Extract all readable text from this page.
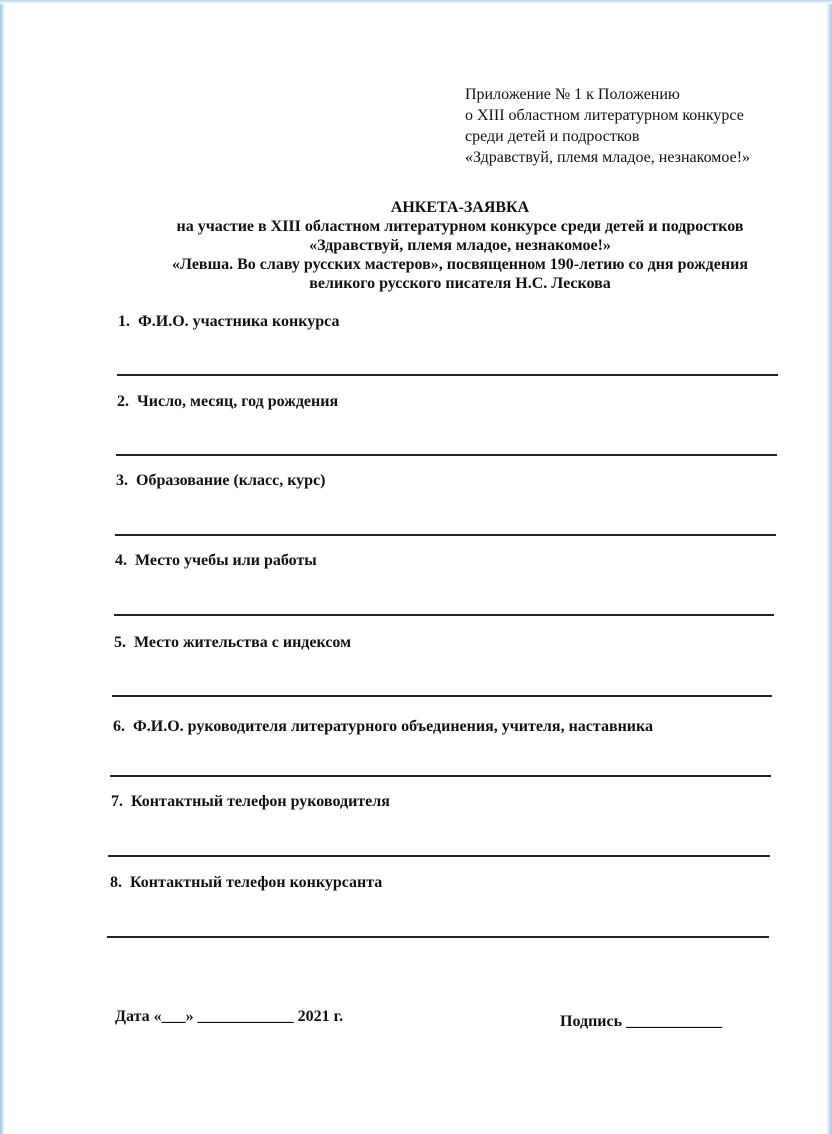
Приложение № 1 к Положению
о XIII областном литературном конкурсе
среди детей и подростков
«Здравствуй, племя младое, незнакомое!»
АНКЕТА-ЗАЯВКА
на участие в XIII областном литературном конкурсе среди детей и подростков
«Здравствуй, племя младое, незнакомое!»
«Левша. Во славу русских мастеров», посвященном 190-летию со дня рождения
великого русского писателя Н.С. Лескова
1. Ф.И.О. участника конкурса
2. Число, месяц, год рождения
3. Образование (класс, курс)
4. Место учебы или работы
5. Место жительства с индексом
6. Ф.И.О. руководителя литературного объединения, учителя, наставника
7. Контактный телефон руководителя
8. Контактный телефон конкурсанта
Дата «___» ____________ 2021 г.	Подпись ____________
